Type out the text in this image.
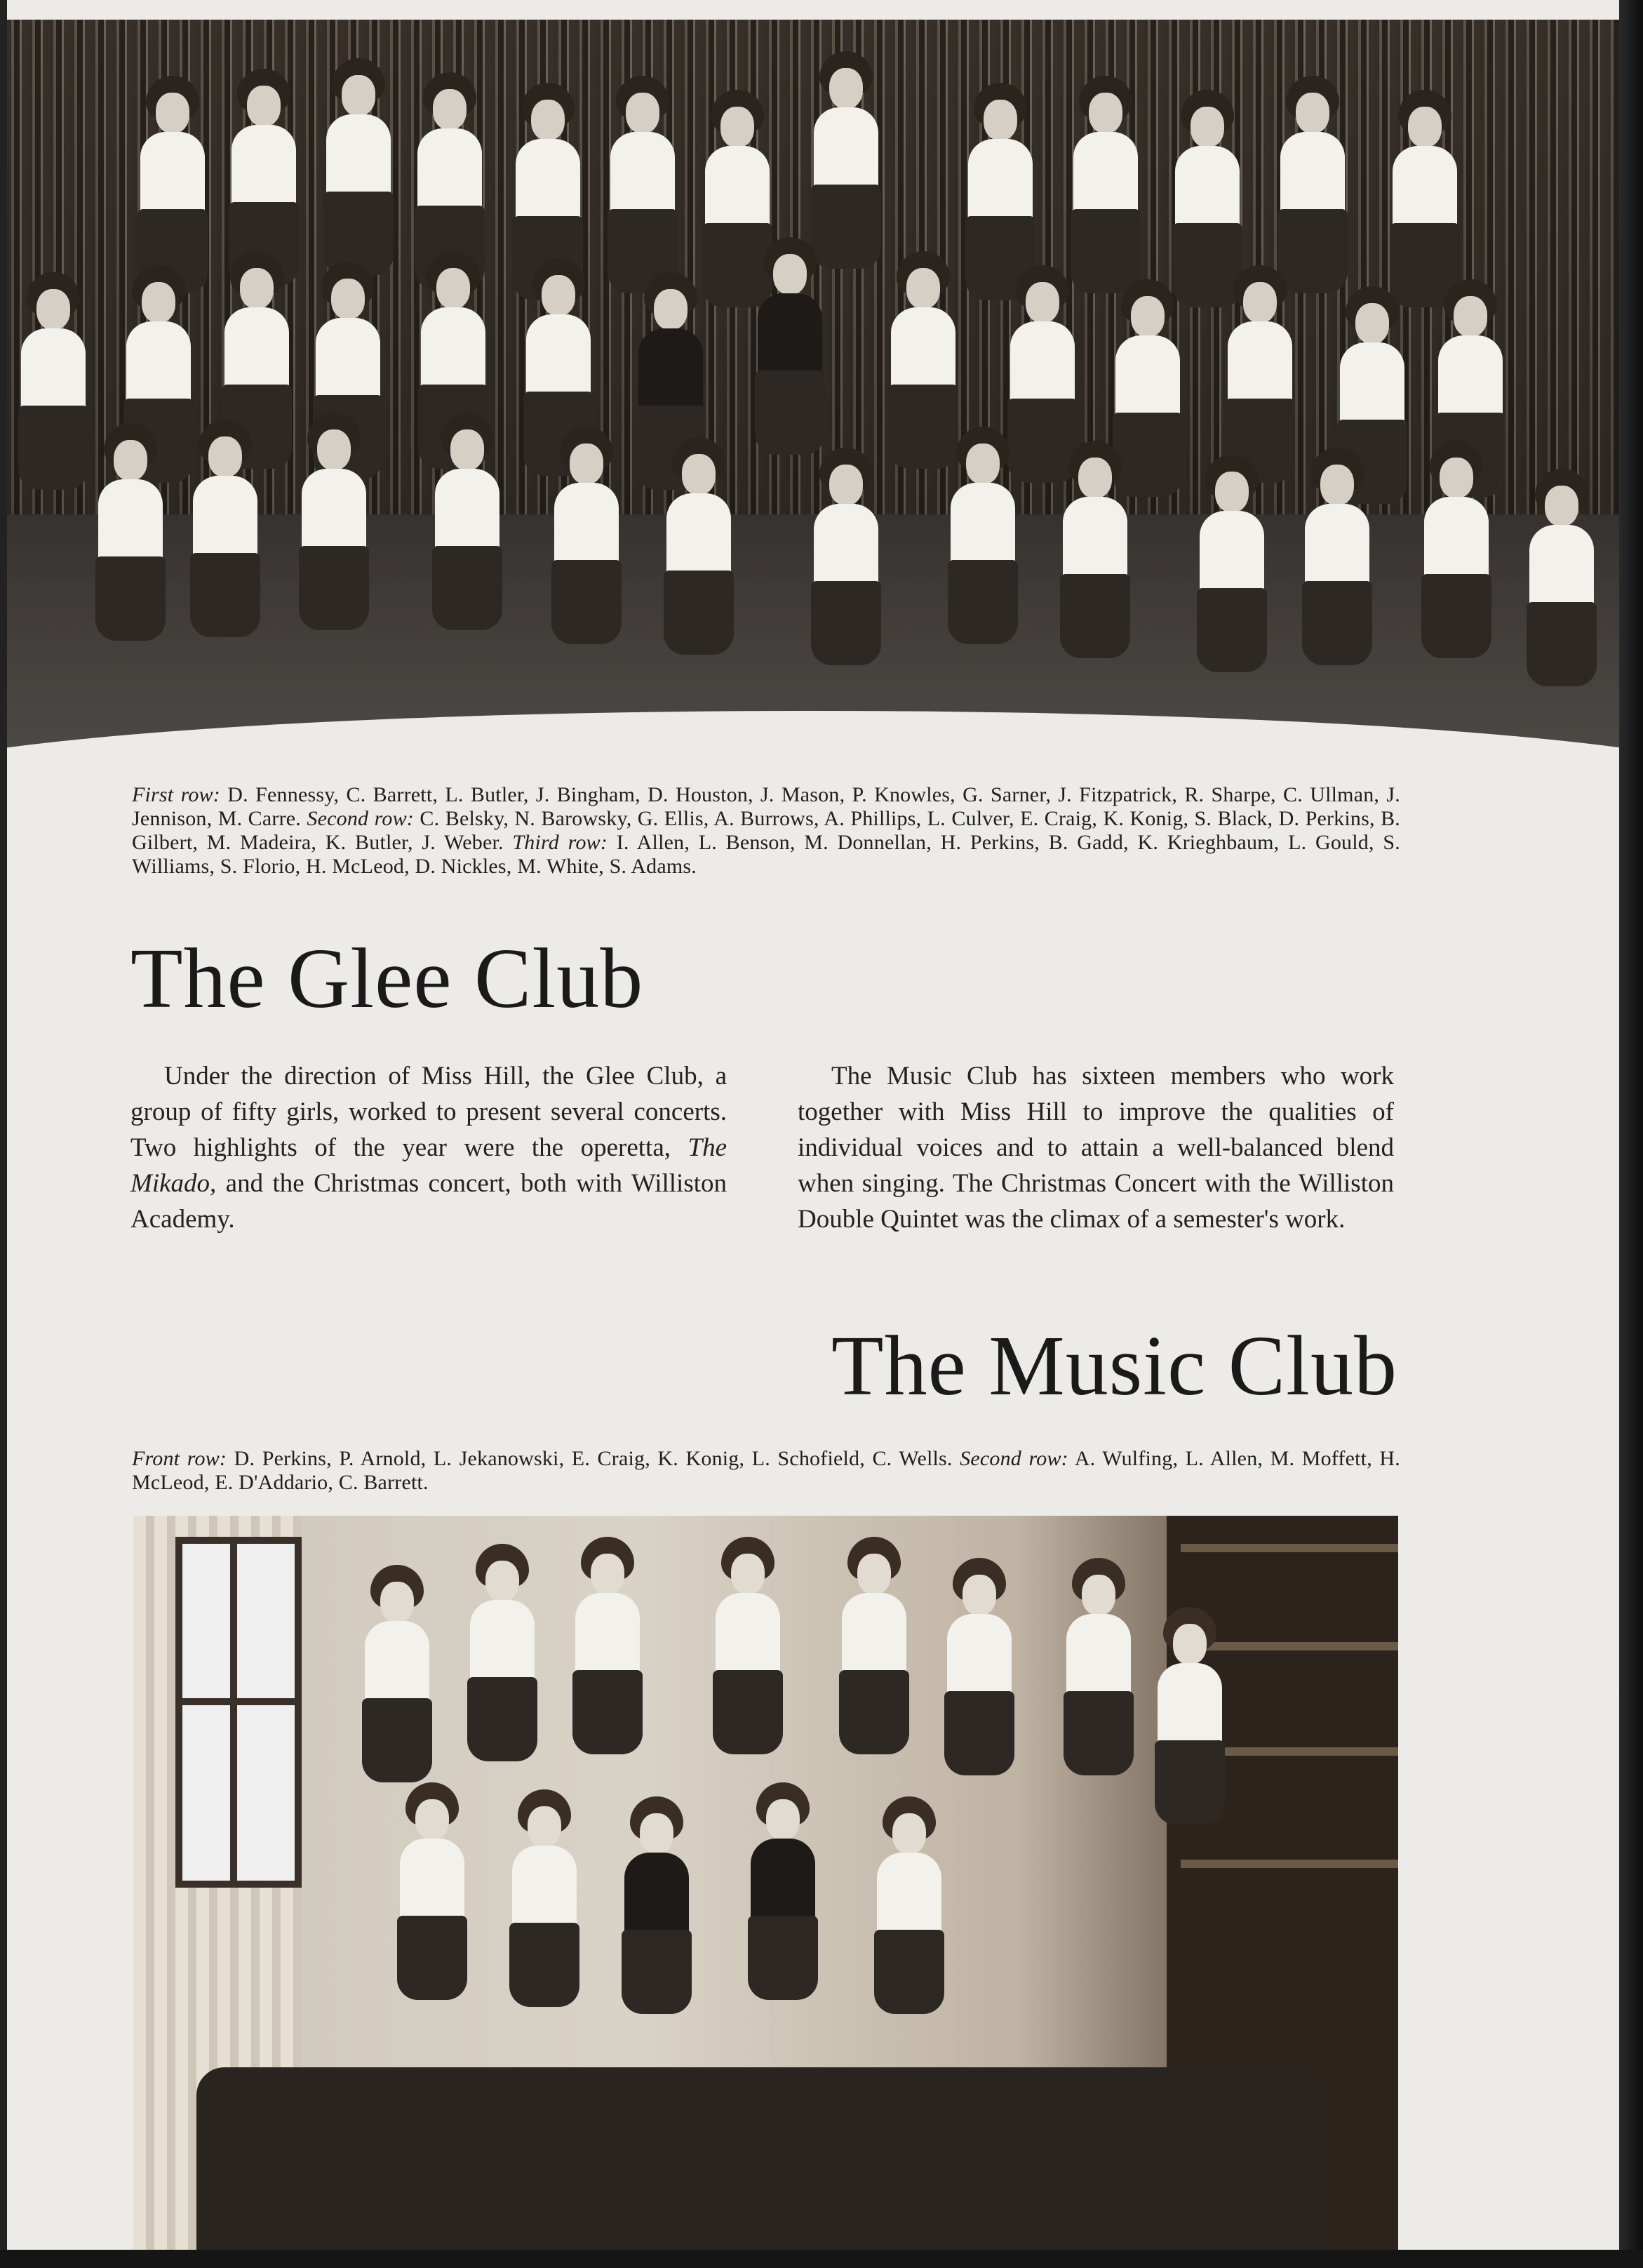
First row: D. Fennessy, C. Barrett, L. Butler, J. Bingham, D. Houston, J. Mason, P. Knowles, G. Sarner, J. Fitzpatrick, R. Sharpe, C. Ullman, J. Jennison, M. Carre. Second row: C. Belsky, N. Barowsky, G. Ellis, A. Burrows, A. Phillips, L. Culver, E. Craig, K. Konig, S. Black, D. Perkins, B. Gilbert, M. Madeira, K. Butler, J. Weber. Third row: I. Allen, L. Benson, M. Donnellan, H. Perkins, B. Gadd, K. Krieghbaum, L. Gould, S. Williams, S. Florio, H. McLeod, D. Nickles, M. White, S. Adams.
The Glee Club

Under the direction of Miss Hill, the Glee Club, a group of fifty girls, worked to present several concerts. Two highlights of the year were the operetta, The Mikado, and the Christmas concert, both with Williston Academy.

The Music Club has sixteen members who work together with Miss Hill to improve the qualities of individual voices and to attain a well-balanced blend when singing. The Christmas Concert with the Williston Double Quintet was the climax of a semester's work.

The Music Club
Front row: D. Perkins, P. Arnold, L. Jekanowski, E. Craig, K. Konig, L. Schofield, C. Wells. Second row: A. Wulfing, L. Allen, M. Moffett, H. McLeod, E. D'Addario, C. Barrett.
